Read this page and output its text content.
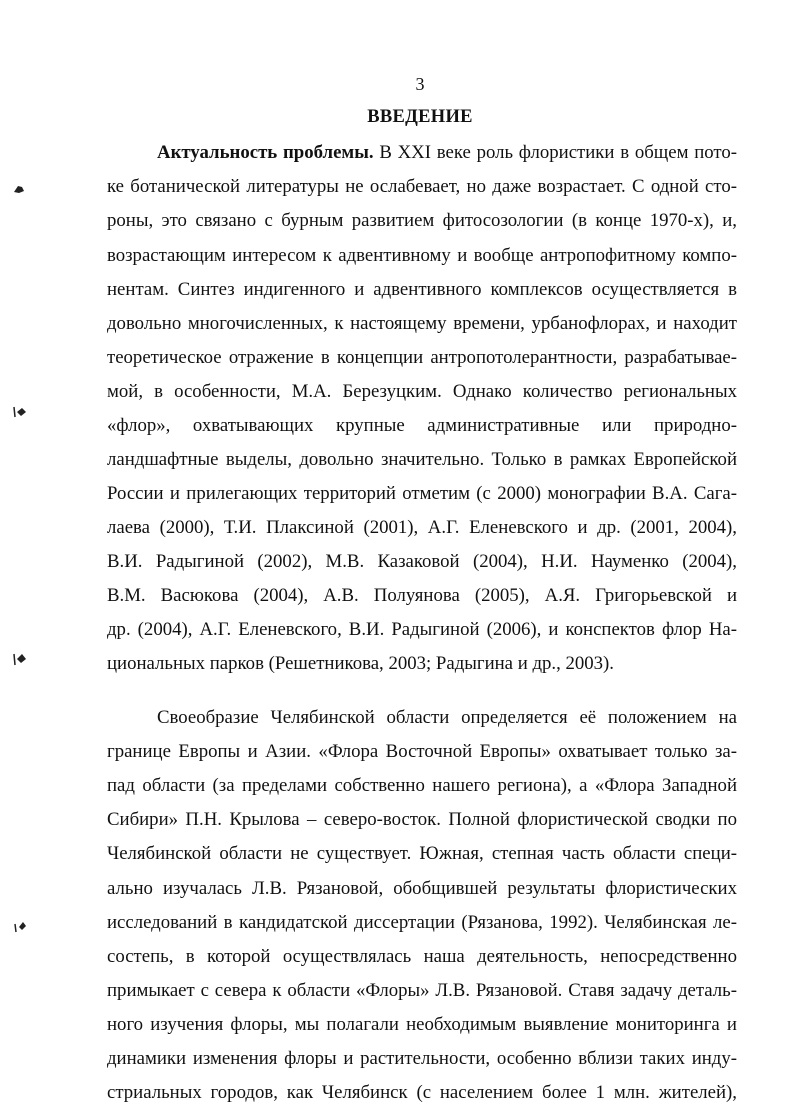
3
ВВЕДЕНИЕ
Актуальность проблемы. В XXI веке роль флористики в общем пото-
ке ботанической литературы не ослабевает, но даже возрастает. С одной сто-
роны, это связано с бурным развитием фитосозологии (в конце 1970-х), и,
возрастающим интересом к адвентивному и вообще антропофитному компо-
нентам. Синтез индигенного и адвентивного комплексов осуществляется в
довольно многочисленных, к настоящему времени, урбанофлорах, и находит
теоретическое отражение в концепции антропотолерантности, разрабатывае-
мой, в особенности, М.А. Березуцким. Однако количество региональных
«флор», охватывающих крупные административные или природно-
ландшафтные выделы, довольно значительно. Только в рамках Европейской
России и прилегающих территорий отметим (с 2000) монографии В.А. Сага-
лаева (2000), Т.И. Плаксиной (2001), А.Г. Еленевского и др. (2001, 2004),
В.И. Радыгиной (2002), М.В. Казаковой (2004), Н.И. Науменко (2004),
В.М. Васюкова (2004), А.В. Полуянова (2005), А.Я. Григорьевской и
др. (2004), А.Г. Еленевского, В.И. Радыгиной (2006), и конспектов флор На-
циональных парков (Решетникова, 2003; Радыгина и др., 2003).
Своеобразие Челябинской области определяется её положением на
границе Европы и Азии. «Флора Восточной Европы» охватывает только за-
пад области (за пределами собственно нашего региона), а «Флора Западной
Сибири» П.Н. Крылова – северо-восток. Полной флористической сводки по
Челябинской области не существует. Южная, степная часть области специ-
ально изучалась Л.В. Рязановой, обобщившей результаты флористических
исследований в кандидатской диссертации (Рязанова, 1992). Челябинская ле-
состепь, в которой осуществлялась наша деятельность, непосредственно
примыкает с севера к области «Флоры» Л.В. Рязановой. Ставя задачу деталь-
ного изучения флоры, мы полагали необходимым выявление мониторинга и
динамики изменения флоры и растительности, особенно вблизи таких инду-
стриальных городов, как Челябинск (с населением более 1 млн. жителей),
